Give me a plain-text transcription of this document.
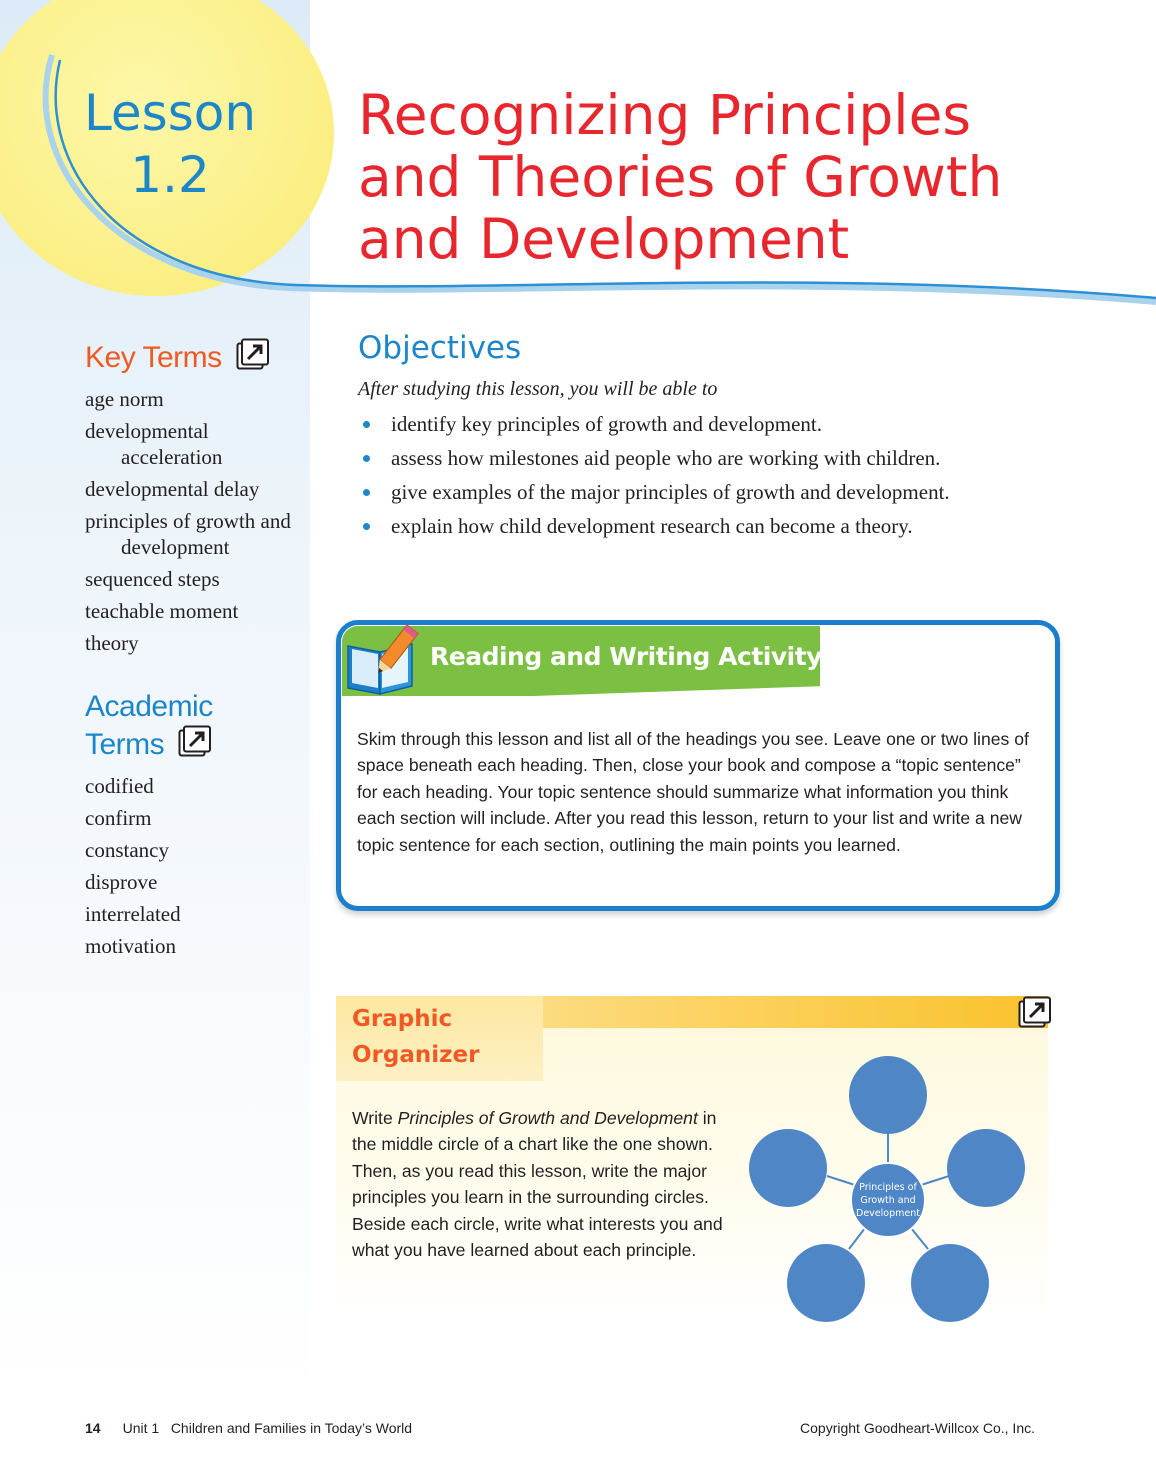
Lesson
1.2
Recognizing Principles
and Theories of Growth
and Development
Key Terms
age norm
developmental acceleration
developmental delay
principles of growth and development
sequenced steps
teachable moment
theory
Academic Terms
codified
confirm
constancy
disprove
interrelated
motivation
Objectives
After studying this lesson, you will be able to
identify key principles of growth and development.
assess how milestones aid people who are working with children.
give examples of the major principles of growth and development.
explain how child development research can become a theory.
Reading and Writing Activity
Skim through this lesson and list all of the headings you see. Leave one or two lines of space beneath each heading. Then, close your book and compose a “topic sentence” for each heading. Your topic sentence should summarize what information you think each section will include. After you read this lesson, return to your list and write a new topic sentence for each section, outlining the main points you learned.
Graphic
Organizer
Write Principles of Growth and Development in the middle circle of a chart like the one shown. Then, as you read this lesson, write the major principles you learn in the surrounding circles. Beside each circle, write what interests you and what you have learned about each principle.
Principles of
Growth and
Development
14 Unit 1   Children and Families in Today’s World	Copyright Goodheart-Willcox Co., Inc.
